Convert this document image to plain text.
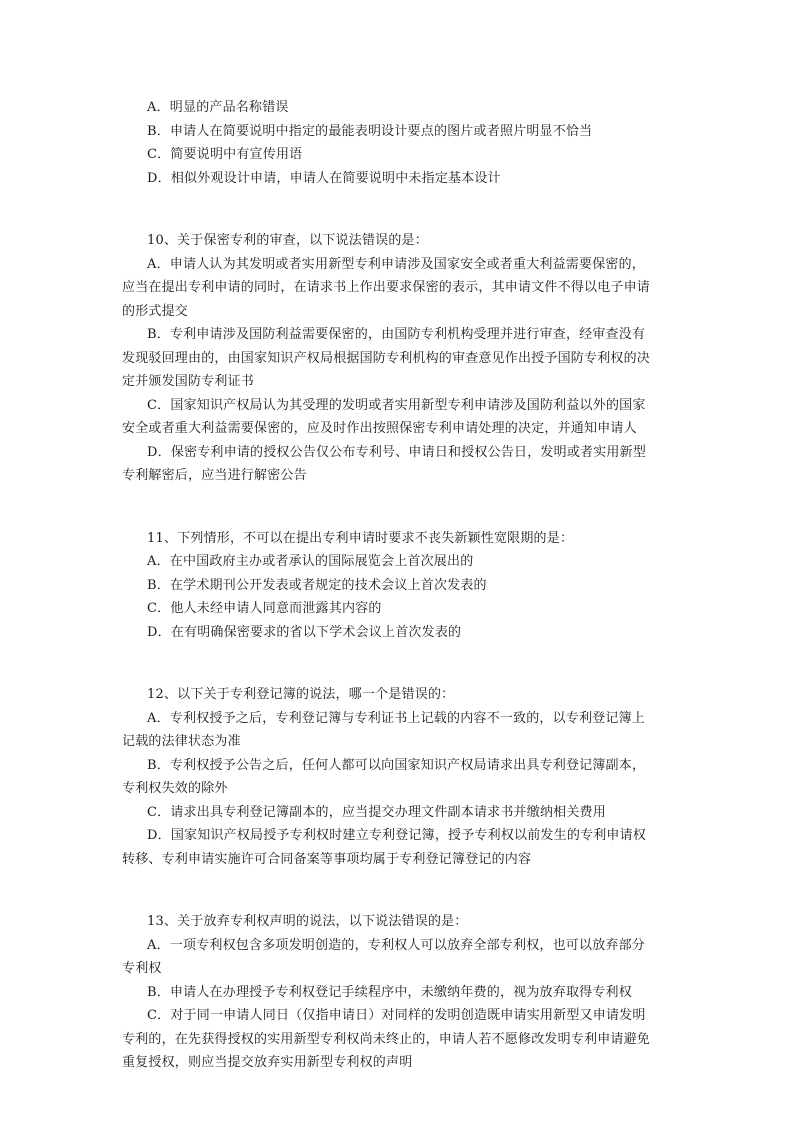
A．明显的产品名称错误
B．申请人在简要说明中指定的最能表明设计要点的图片或者照片明显不恰当
C．简要说明中有宣传用语
D．相似外观设计申请，申请人在简要说明中未指定基本设计
10、关于保密专利的审查，以下说法错误的是：
A．申请人认为其发明或者实用新型专利申请涉及国家安全或者重大利益需要保密的，
应当在提出专利申请的同时，在请求书上作出要求保密的表示，其申请文件不得以电子申请
的形式提交
B．专利申请涉及国防利益需要保密的，由国防专利机构受理并进行审查，经审查没有
发现驳回理由的，由国家知识产权局根据国防专利机构的审查意见作出授予国防专利权的决
定并颁发国防专利证书
C．国家知识产权局认为其受理的发明或者实用新型专利申请涉及国防利益以外的国家
安全或者重大利益需要保密的，应及时作出按照保密专利申请处理的决定，并通知申请人
D．保密专利申请的授权公告仅公布专利号、申请日和授权公告日，发明或者实用新型
专利解密后，应当进行解密公告
11、下列情形，不可以在提出专利申请时要求不丧失新颖性宽限期的是：
A．在中国政府主办或者承认的国际展览会上首次展出的
B．在学术期刊公开发表或者规定的技术会议上首次发表的
C．他人未经申请人同意而泄露其内容的
D．在有明确保密要求的省以下学术会议上首次发表的
12、以下关于专利登记簿的说法，哪一个是错误的：
A．专利权授予之后，专利登记簿与专利证书上记载的内容不一致的，以专利登记簿上
记载的法律状态为准
B．专利权授予公告之后，任何人都可以向国家知识产权局请求出具专利登记簿副本，
专利权失效的除外
C．请求出具专利登记簿副本的，应当提交办理文件副本请求书并缴纳相关费用
D．国家知识产权局授予专利权时建立专利登记簿，授予专利权以前发生的专利申请权
转移、专利申请实施许可合同备案等事项均属于专利登记簿登记的内容
13、关于放弃专利权声明的说法，以下说法错误的是：
A．一项专利权包含多项发明创造的，专利权人可以放弃全部专利权，也可以放弃部分
专利权
B．申请人在办理授予专利权登记手续程序中，未缴纳年费的，视为放弃取得专利权
C．对于同一申请人同日（仅指申请日）对同样的发明创造既申请实用新型又申请发明
专利的，在先获得授权的实用新型专利权尚未终止的，申请人若不愿修改发明专利申请避免
重复授权，则应当提交放弃实用新型专利权的声明
